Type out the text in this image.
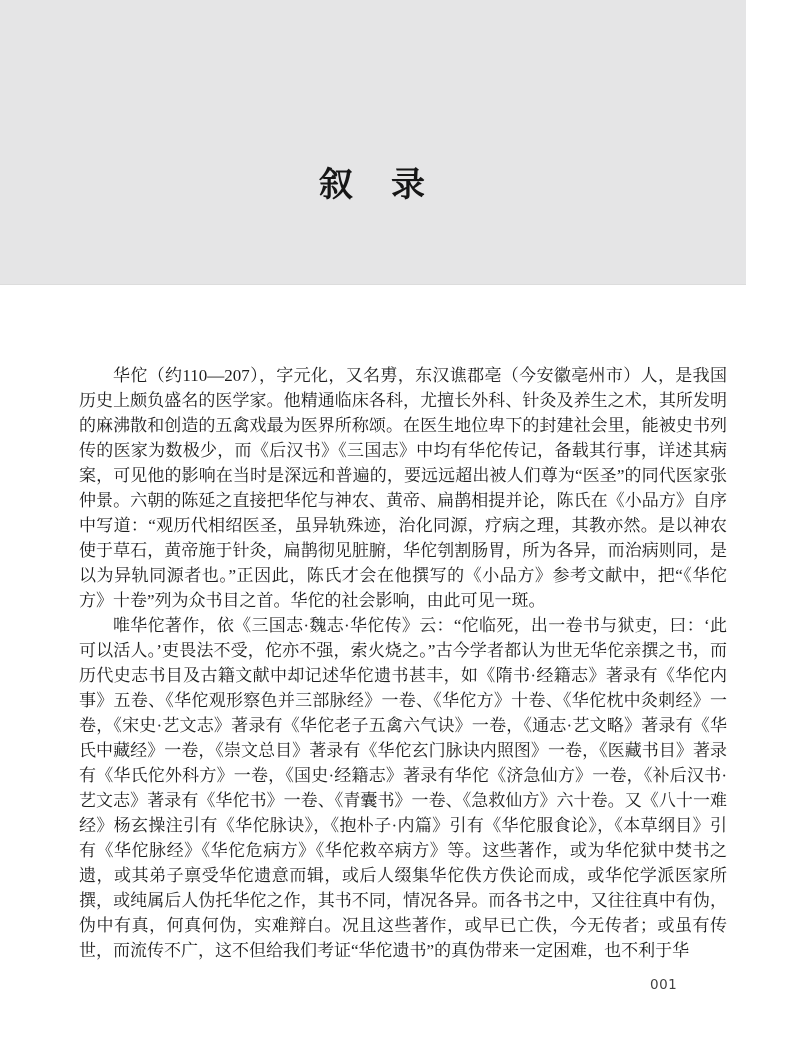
叙　录

华佗（约110—207），字元化，又名旉，东汉谯郡亳（今安徽亳州市）人，是我国历史上颇负盛名的医学家。他精通临床各科，尤擅长外科、针灸及养生之术，其所发明的麻沸散和创造的五禽戏最为医界所称颂。在医生地位卑下的封建社会里，能被史书列传的医家为数极少，而《后汉书》《三国志》中均有华佗传记，备载其行事，详述其病案，可见他的影响在当时是深远和普遍的，要远远超出被人们尊为“医圣”的同代医家张仲景。六朝的陈延之直接把华佗与神农、黄帝、扁鹊相提并论，陈氏在《小品方》自序中写道：“观历代相绍医圣，虽异轨殊迹，治化同源，疗病之理，其教亦然。是以神农使于草石，黄帝施于针灸，扁鹊彻见脏腑，华佗刳割肠胃，所为各异，而治病则同，是以为异轨同源者也。”正因此，陈氏才会在他撰写的《小品方》参考文献中，把“《华佗方》十卷”列为众书目之首。华佗的社会影响，由此可见一斑。

唯华佗著作，依《三国志·魏志·华佗传》云：“佗临死，出一卷书与狱吏，曰：‘此可以活人。’吏畏法不受，佗亦不强，索火烧之。”古今学者都认为世无华佗亲撰之书，而历代史志书目及古籍文献中却记述华佗遗书甚丰，如《隋书·经籍志》著录有《华佗内事》五卷、《华佗观形察色并三部脉经》一卷、《华佗方》十卷、《华佗枕中灸刺经》一卷，《宋史·艺文志》著录有《华佗老子五禽六气诀》一卷，《通志·艺文略》著录有《华氏中藏经》一卷，《崇文总目》著录有《华佗玄门脉诀内照图》一卷，《医藏书目》著录有《华氏佗外科方》一卷，《国史·经籍志》著录有华佗《济急仙方》一卷，《补后汉书·艺文志》著录有《华佗书》一卷、《青囊书》一卷、《急救仙方》六十卷。又《八十一难经》杨玄操注引有《华佗脉诀》，《抱朴子·内篇》引有《华佗服食论》，《本草纲目》引有《华佗脉经》《华佗危病方》《华佗救卒病方》等。这些著作，或为华佗狱中焚书之遗，或其弟子禀受华佗遗意而辑，或后人缀集华佗佚方佚论而成，或华佗学派医家所撰，或纯属后人伪托华佗之作，其书不同，情况各异。而各书之中，又往往真中有伪，伪中有真，何真何伪，实难辩白。况且这些著作，或早已亡佚，今无传者；或虽有传世，而流传不广，这不但给我们考证“华佗遗书”的真伪带来一定困难，也不利于华

001
